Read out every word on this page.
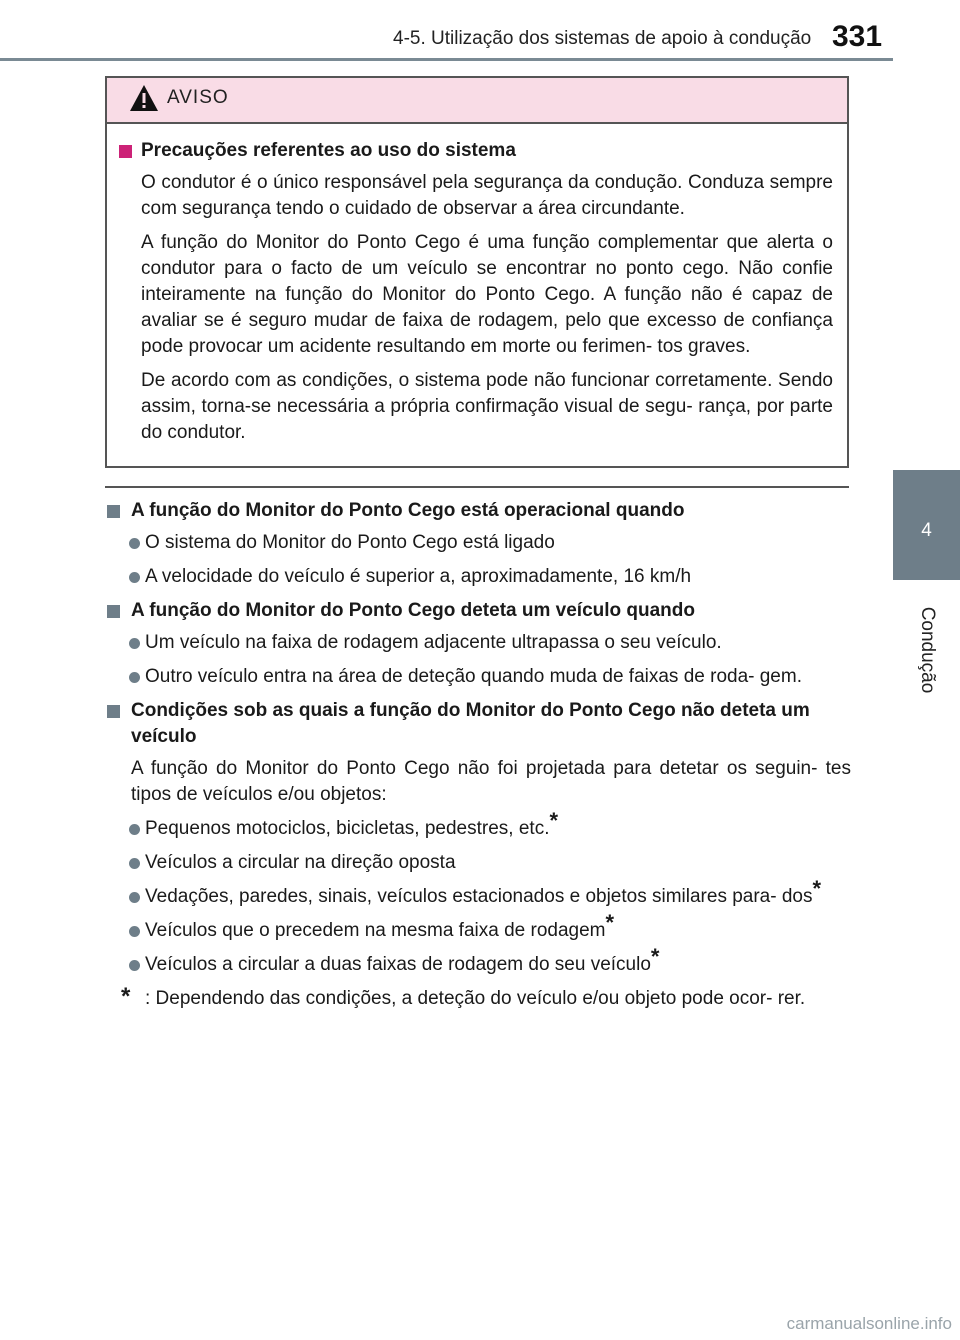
4-5. Utilização dos sistemas de apoio à condução 331
4
Condução
AVISO
Precauções referentes ao uso do sistema

O condutor é o único responsável pela segurança da condução. Conduza sempre com segurança tendo o cuidado de observar a área circundante.

A função do Monitor do Ponto Cego é uma função complementar que alerta o condutor para o facto de um veículo se encontrar no ponto cego. Não confie inteiramente na função do Monitor do Ponto Cego. A função não é capaz de avaliar se é seguro mudar de faixa de rodagem, pelo que excesso de confiança pode provocar um acidente resultando em morte ou ferimen- tos graves.

De acordo com as condições, o sistema pode não funcionar corretamente. Sendo assim, torna-se necessária a própria confirmação visual de segu- rança, por parte do condutor.

A função do Monitor do Ponto Cego está operacional quando
O sistema do Monitor do Ponto Cego está ligado
A velocidade do veículo é superior a, aproximadamente, 16 km/h
A função do Monitor do Ponto Cego deteta um veículo quando
Um veículo na faixa de rodagem adjacente ultrapassa o seu veículo.
Outro veículo entra na área de deteção quando muda de faixas de roda- gem.
Condições sob as quais a função do Monitor do Ponto Cego não deteta um veículo

A função do Monitor do Ponto Cego não foi projetada para detetar os seguin- tes tipos de veículos e/ou objetos:

Pequenos motociclos, bicicletas, pedestres, etc.*
Veículos a circular na direção oposta
Vedações, paredes, sinais, veículos estacionados e objetos similares para- dos*
Veículos que o precedem na mesma faixa de rodagem*
Veículos a circular a duas faixas de rodagem do seu veículo*
* : Dependendo das condições, a deteção do veículo e/ou objeto pode ocor- rer.
carmanualsonline.info
